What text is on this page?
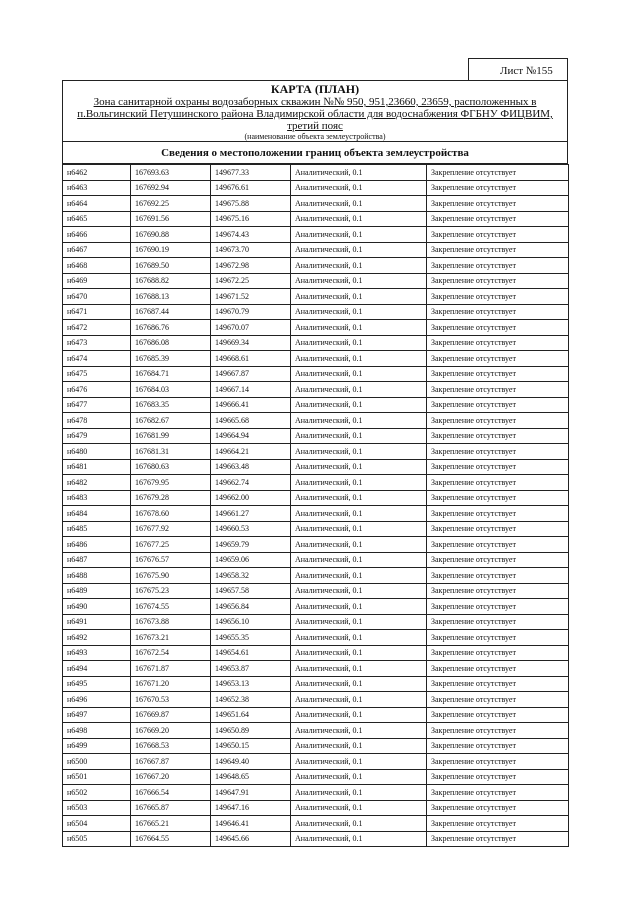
Лист №155
КАРТА (ПЛАН)
Зона санитарной охраны водозаборных скважин №№ 950, 951,23660, 23659, расположенных в
п.Вольгинский Петушинского района Владимирской области для водоснабжения ФГБНУ ФИЦВИМ,
третий пояс
(наименование объекта землеустройства)
Сведения о местоположении границ объекта землеустройства
н6462	167693.63	149677.33	Аналитический, 0.1	Закрепление отсутствует
н6463	167692.94	149676.61	Аналитический, 0.1	Закрепление отсутствует
н6464	167692.25	149675.88	Аналитический, 0.1	Закрепление отсутствует
н6465	167691.56	149675.16	Аналитический, 0.1	Закрепление отсутствует
н6466	167690.88	149674.43	Аналитический, 0.1	Закрепление отсутствует
н6467	167690.19	149673.70	Аналитический, 0.1	Закрепление отсутствует
н6468	167689.50	149672.98	Аналитический, 0.1	Закрепление отсутствует
н6469	167688.82	149672.25	Аналитический, 0.1	Закрепление отсутствует
н6470	167688.13	149671.52	Аналитический, 0.1	Закрепление отсутствует
н6471	167687.44	149670.79	Аналитический, 0.1	Закрепление отсутствует
н6472	167686.76	149670.07	Аналитический, 0.1	Закрепление отсутствует
н6473	167686.08	149669.34	Аналитический, 0.1	Закрепление отсутствует
н6474	167685.39	149668.61	Аналитический, 0.1	Закрепление отсутствует
н6475	167684.71	149667.87	Аналитический, 0.1	Закрепление отсутствует
н6476	167684.03	149667.14	Аналитический, 0.1	Закрепление отсутствует
н6477	167683.35	149666.41	Аналитический, 0.1	Закрепление отсутствует
н6478	167682.67	149665.68	Аналитический, 0.1	Закрепление отсутствует
н6479	167681.99	149664.94	Аналитический, 0.1	Закрепление отсутствует
н6480	167681.31	149664.21	Аналитический, 0.1	Закрепление отсутствует
н6481	167680.63	149663.48	Аналитический, 0.1	Закрепление отсутствует
н6482	167679.95	149662.74	Аналитический, 0.1	Закрепление отсутствует
н6483	167679.28	149662.00	Аналитический, 0.1	Закрепление отсутствует
н6484	167678.60	149661.27	Аналитический, 0.1	Закрепление отсутствует
н6485	167677.92	149660.53	Аналитический, 0.1	Закрепление отсутствует
н6486	167677.25	149659.79	Аналитический, 0.1	Закрепление отсутствует
н6487	167676.57	149659.06	Аналитический, 0.1	Закрепление отсутствует
н6488	167675.90	149658.32	Аналитический, 0.1	Закрепление отсутствует
н6489	167675.23	149657.58	Аналитический, 0.1	Закрепление отсутствует
н6490	167674.55	149656.84	Аналитический, 0.1	Закрепление отсутствует
н6491	167673.88	149656.10	Аналитический, 0.1	Закрепление отсутствует
н6492	167673.21	149655.35	Аналитический, 0.1	Закрепление отсутствует
н6493	167672.54	149654.61	Аналитический, 0.1	Закрепление отсутствует
н6494	167671.87	149653.87	Аналитический, 0.1	Закрепление отсутствует
н6495	167671.20	149653.13	Аналитический, 0.1	Закрепление отсутствует
н6496	167670.53	149652.38	Аналитический, 0.1	Закрепление отсутствует
н6497	167669.87	149651.64	Аналитический, 0.1	Закрепление отсутствует
н6498	167669.20	149650.89	Аналитический, 0.1	Закрепление отсутствует
н6499	167668.53	149650.15	Аналитический, 0.1	Закрепление отсутствует
н6500	167667.87	149649.40	Аналитический, 0.1	Закрепление отсутствует
н6501	167667.20	149648.65	Аналитический, 0.1	Закрепление отсутствует
н6502	167666.54	149647.91	Аналитический, 0.1	Закрепление отсутствует
н6503	167665.87	149647.16	Аналитический, 0.1	Закрепление отсутствует
н6504	167665.21	149646.41	Аналитический, 0.1	Закрепление отсутствует
н6505	167664.55	149645.66	Аналитический, 0.1	Закрепление отсутствует
